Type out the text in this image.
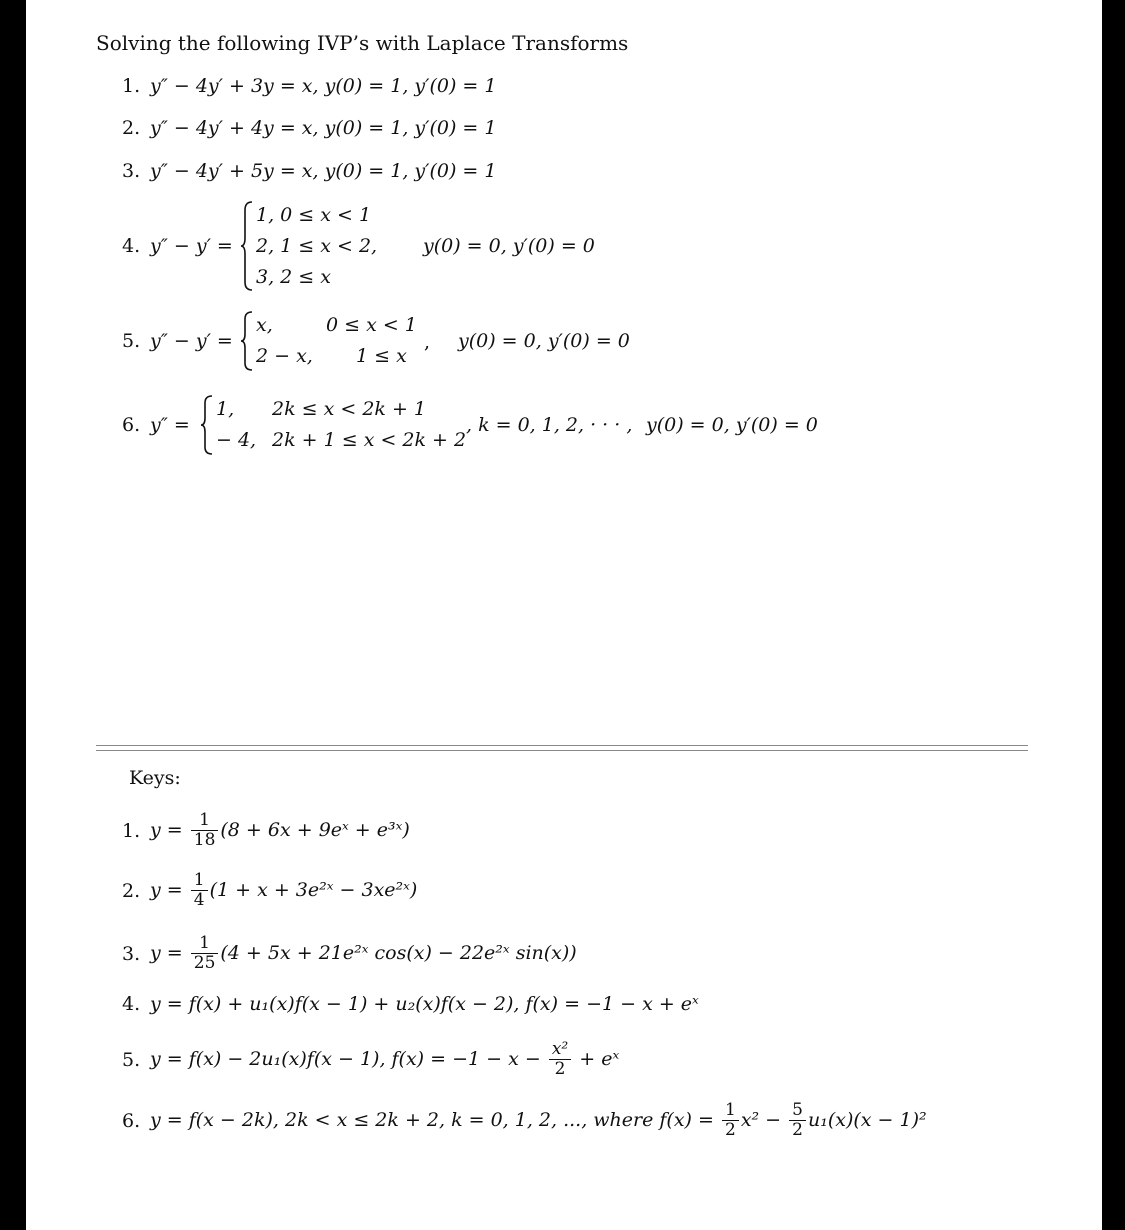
Solving the following IVP’s with Laplace Transforms
1. y″ − 4y′ + 3y = x, y(0) = 1, y′(0) = 1
2. y″ − 4y′ + 4y = x, y(0) = 1, y′(0) = 1
3. y″ − 4y′ + 5y = x, y(0) = 1, y′(0) = 1
4. y″ − y′ =
1, 0 ≤ x < 1
2, 1 ≤ x < 2,
3, 2 ≤ x
y(0) = 0, y′(0) = 0
5. y″ − y′ =
x,	0 ≤ x < 1
2 − x, 1 ≤ x
, y(0) = 0, y′(0) = 0
6. y″ =
1, 2k ≤ x < 2k + 1
− 4, 2k + 1 ≤ x < 2k + 2
, k = 0, 1, 2, · · · , y(0) = 0, y′(0) = 0
Keys:
1. $y = \frac{1}{18} (8 + 6x$ + 9eˣ + e³ˣ)
2. $y = \frac{1}{4} (1 + x$ + 3e²ˣ − 3xe²ˣ)
3. $y = \frac{1}{25} (4 + 5x$ + 21e²ˣ cos(x) − 22e²ˣ sin(x))
4. y = f(x) + u₁(x)f(x − 1) + u₂(x)f(x − 2), f(x) = −1 − x + eˣ
5. y = f(x) − 2u₁(x)f(x − 1), $f(x) = -1 - x - \frac{\text{x²}}{2}$ + eˣ
6. y = f(x − 2k), 2k < x ≤ 2k + 2, k = 0, 1, 2, ..., where $f(x) = \frac{1}{2} x^2 - \frac{5}{2} u_1(x)(x - 1)^2$
